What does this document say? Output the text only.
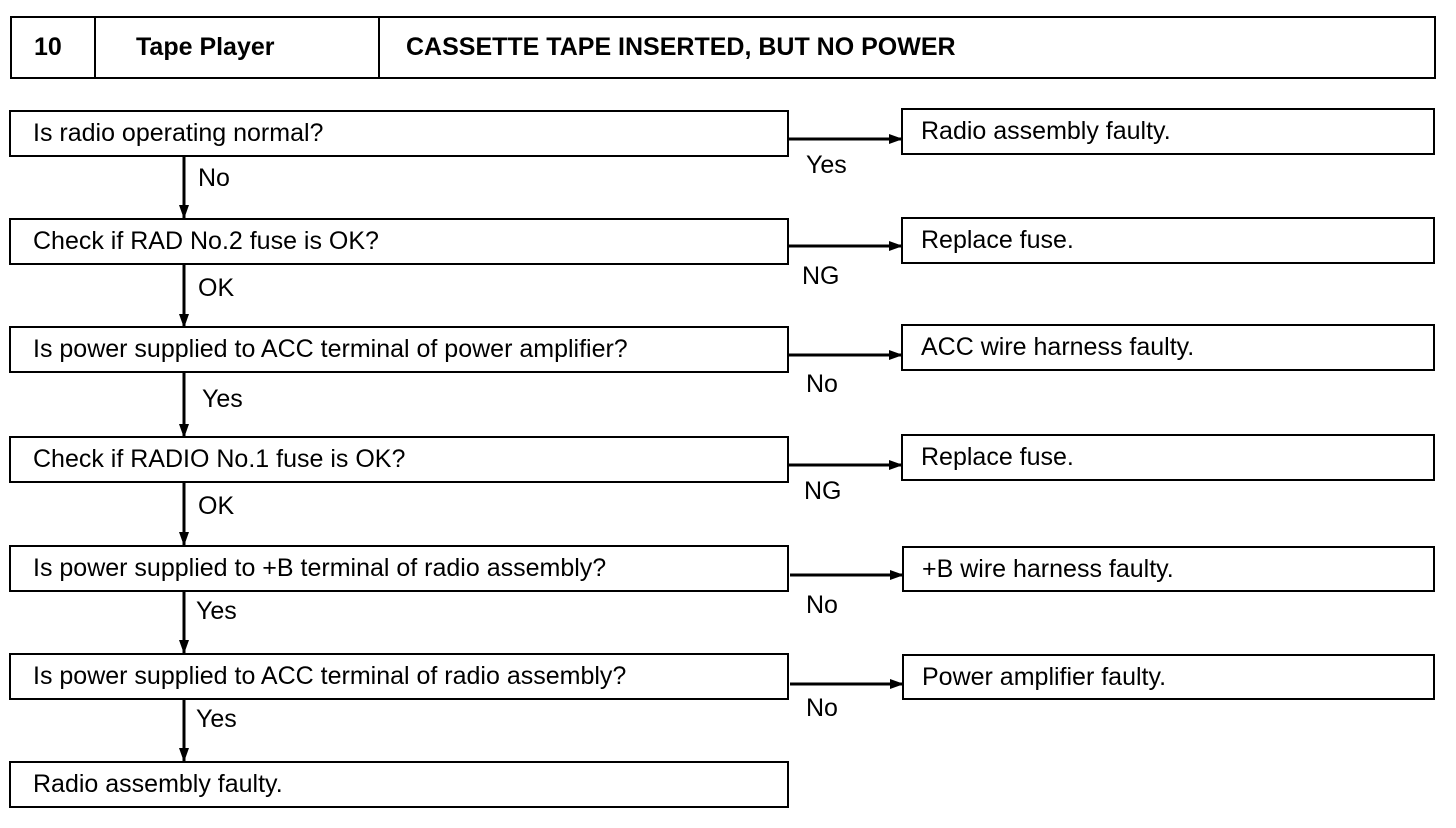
10	Tape Player	CASSETTE TAPE INSERTED, BUT NO POWER
Is radio operating normal?
No	Yes
Radio assembly faulty.
Check if RAD No.2 fuse is OK?
OK	NG
Replace fuse.
Is power supplied to ACC terminal of power amplifier?
Yes
No
ACC wire harness faulty.
Check if RADIO No.1 fuse is OK?
OK
NG
Replace fuse.
Is power supplied to +B terminal of radio assembly?
Yes	No
+B wire harness faulty.
Is power supplied to ACC terminal of radio assembly?
Yes	No
Power amplifier faulty.
Radio assembly faulty.
